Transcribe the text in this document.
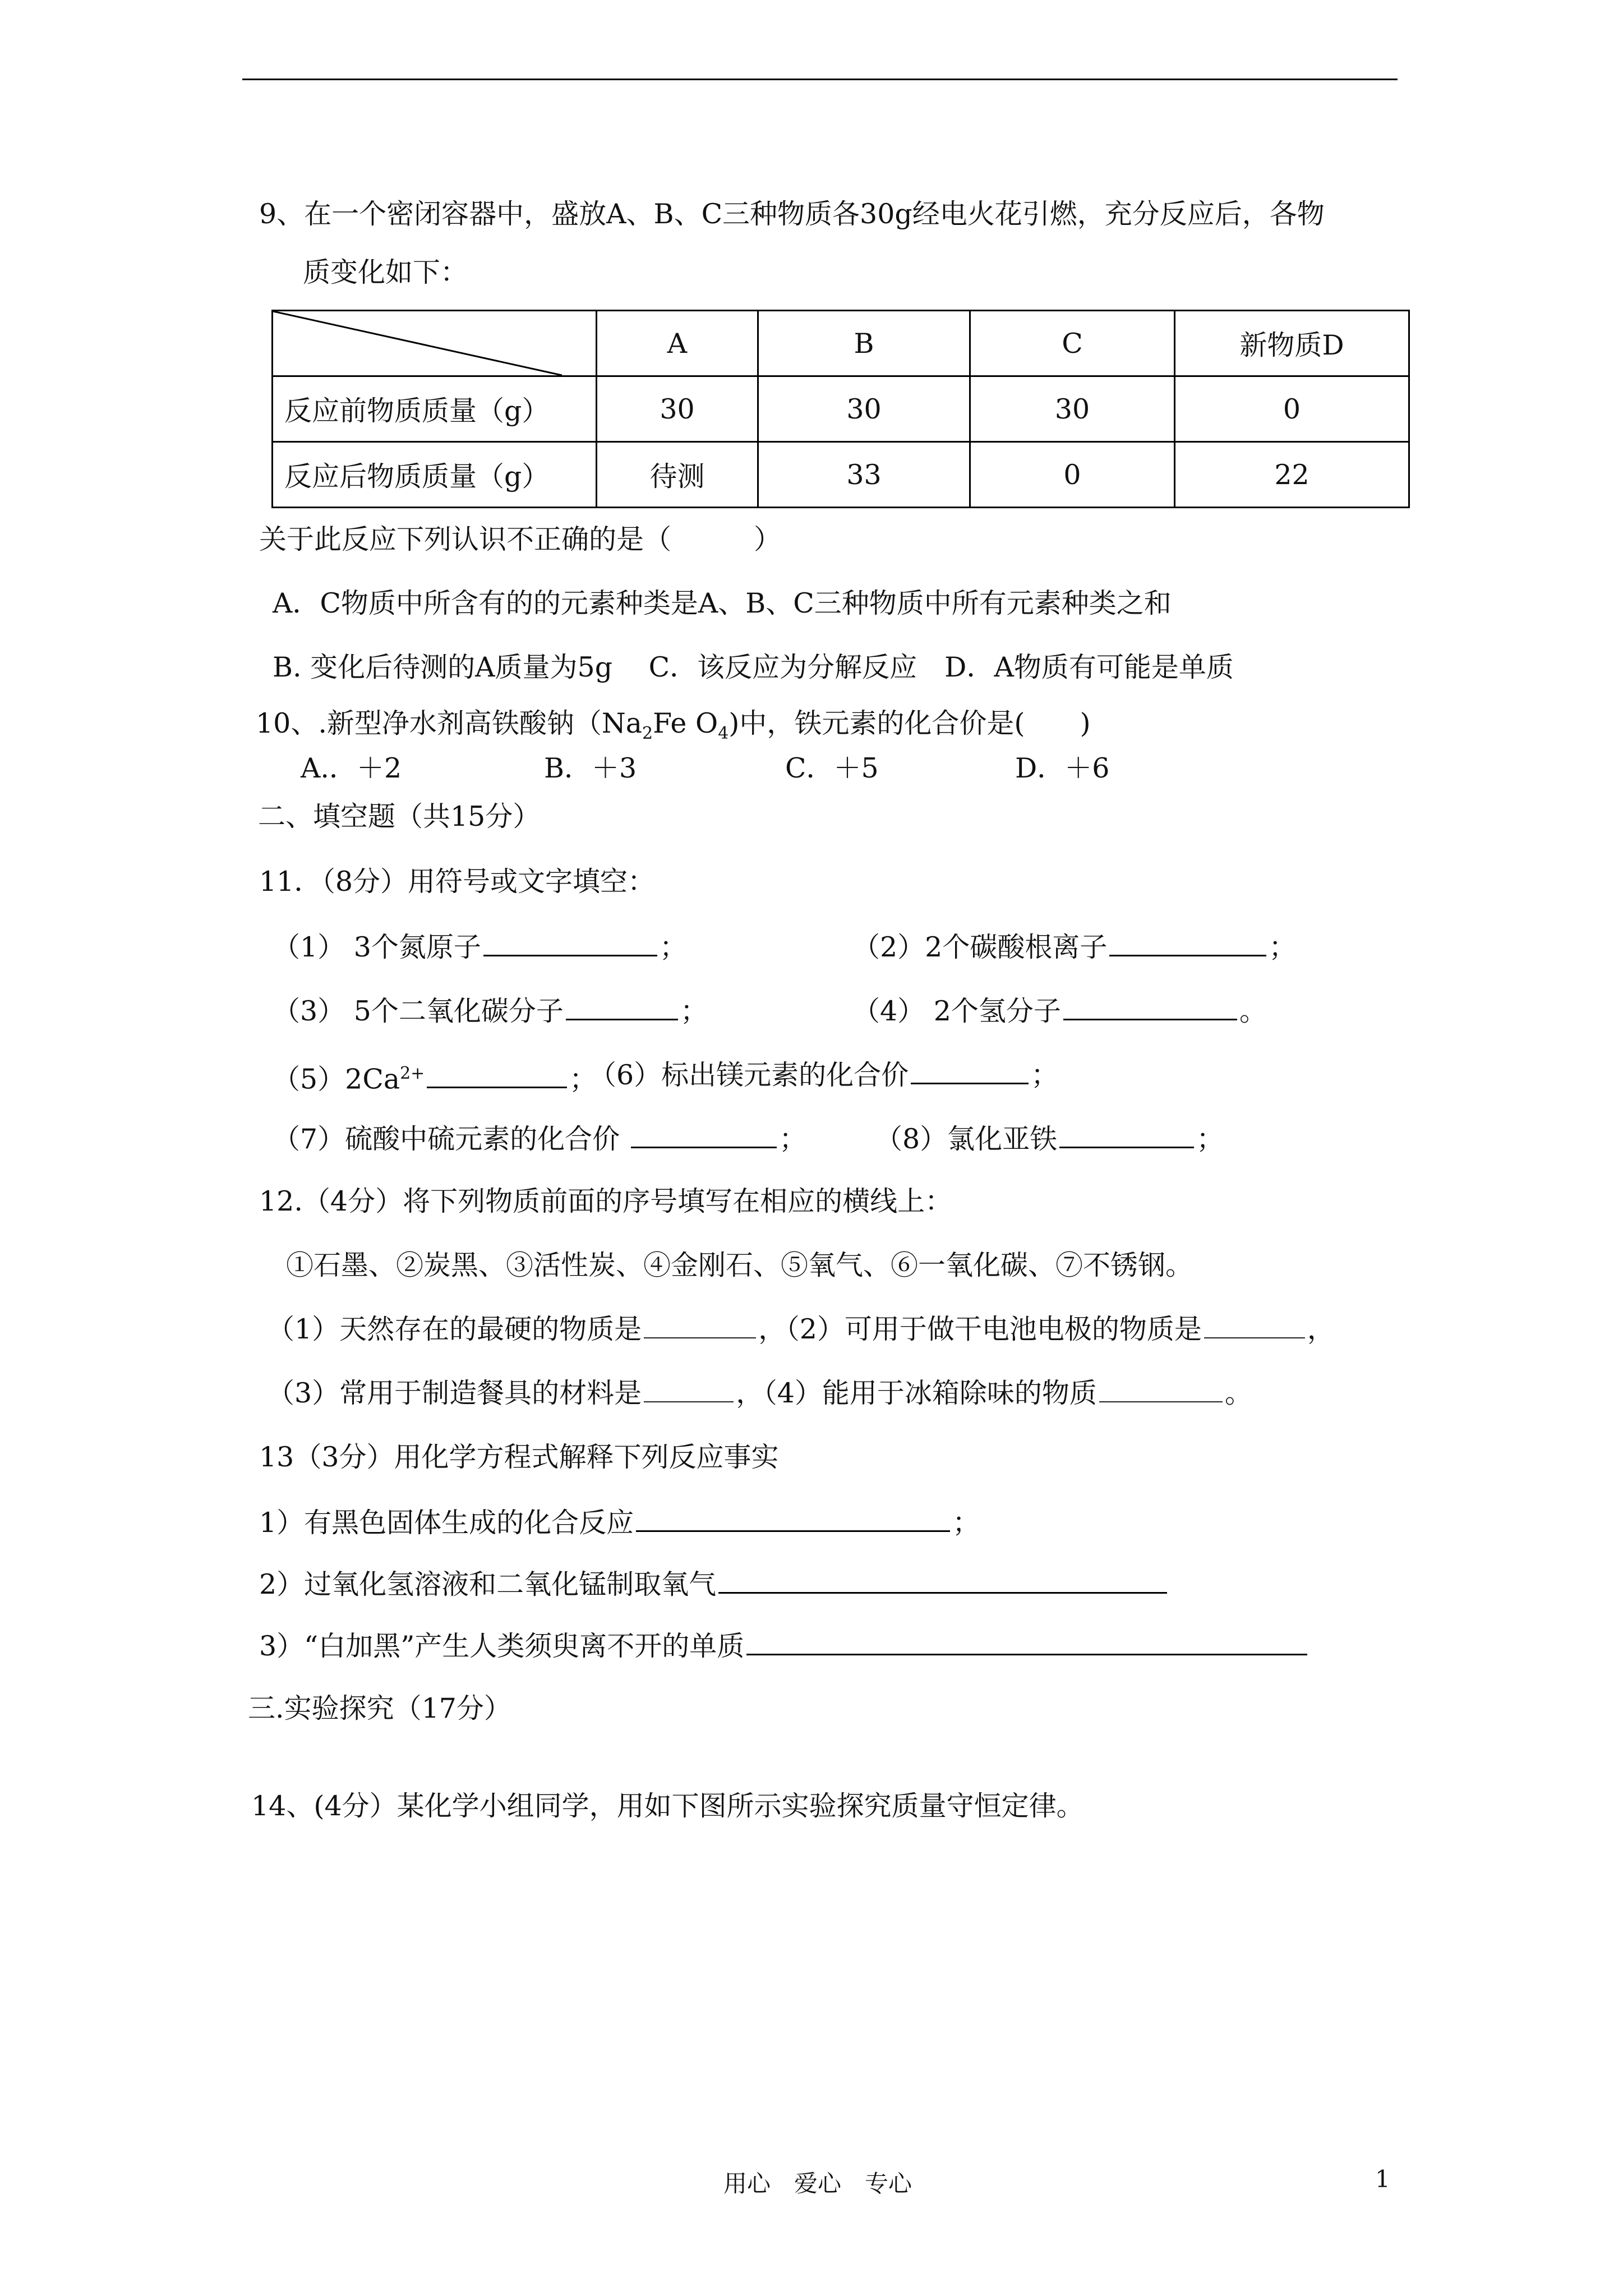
9、在一个密闭容器中，盛放A、B、C三种物质各30g经电火花引燃，充分反应后，各物
质变化如下：
	A	B	C	新物质D
反应前物质质量（g）	30	30	30	0
反应后物质质量（g）	待测	33	0	22
关于此反应下列认识不正确的是（　　　）
A．C物质中所含有的的元素种类是A、B、C三种物质中所有元素种类之和
B. 变化后待测的A质量为5g　 C．该反应为分解反应　D．A物质有可能是单质
10、.新型净水剂高铁酸钠（$Na_2Fe$ $O_4$)中，铁元素的化合价是(　　)
A.．＋2	B．＋3	C．＋5	D．＋6
二、填空题（共15分）
11．（8分）用符号或文字填空：
（1） 3个氮原子	；	（2）2个碳酸根离子	；
（3） 5个二氧化碳分子	；	（4） 2个氢分子	。
$(5)2Ca^{2+}$	；
（6）标出镁元素的化合价	；
（7）硫酸中硫元素的化合价	； （8）氯化亚铁	；
12.（4分）将下列物质前面的序号填写在相应的横线上：
①石墨、②炭黑、③活性炭、④金刚石、⑤氧气、⑥一氧化碳、⑦不锈钢。
（1）天然存在的最硬的物质是	，（2）可用于做干电池电极的物质是	，
（3）常用于制造餐具的材料是	，（4）能用于冰箱除味的物质	。
13（3分）用化学方程式解释下列反应事实
1）有黑色固体生成的化合反应	；
2）过氧化氢溶液和二氧化锰制取氧气
3）“白加黑”产生人类须臾离不开的单质
三.实验探究（17分）
14、(4分）某化学小组同学，用如下图所示实验探究质量守恒定律。
用心　爱心　专心	1
